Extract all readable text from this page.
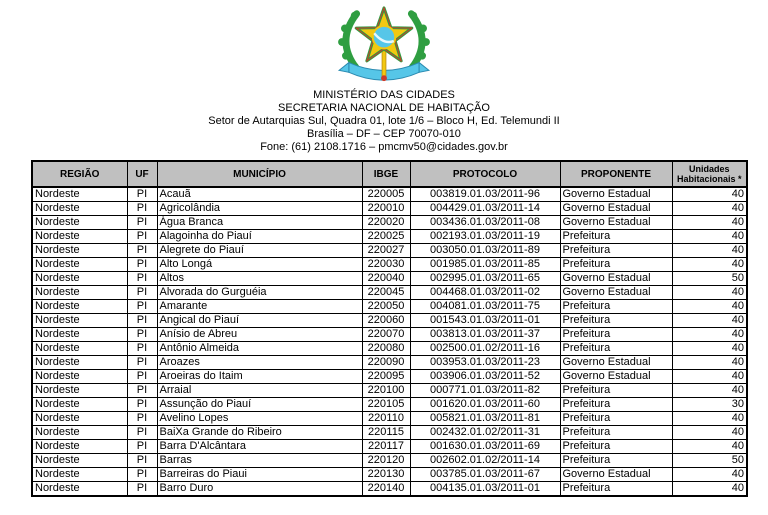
MINISTÉRIO DAS CIDADES
SECRETARIA NACIONAL DE HABITAÇÃO
Setor de Autarquias Sul, Quadra 01, lote 1/6 – Bloco H, Ed. Telemundi II
Brasília – DF – CEP 70070-010
Fone: (61) 2108.1716 – pmcmv50@cidades.gov.br
REGIÃO	UF	MUNICÍPIO	IBGE	PROTOCOLO	PROPONENTE	Unidades Habitacionais *
Nordeste	PI	Acauã	220005	003819.01.03/2011-96	Governo Estadual	40
Nordeste	PI	Agricolândia	220010	004429.01.03/2011-14	Governo Estadual	40
Nordeste	PI	Água Branca	220020	003436.01.03/2011-08	Governo Estadual	40
Nordeste	PI	Alagoinha do Piauí	220025	002193.01.03/2011-19	Prefeitura	40
Nordeste	PI	Alegrete do Piauí	220027	003050.01.03/2011-89	Prefeitura	40
Nordeste	PI	Alto Longá	220030	001985.01.03/2011-85	Prefeitura	40
Nordeste	PI	Altos	220040	002995.01.03/2011-65	Governo Estadual	50
Nordeste	PI	Alvorada do Gurguéia	220045	004468.01.03/2011-02	Governo Estadual	40
Nordeste	PI	Amarante	220050	004081.01.03/2011-75	Prefeitura	40
Nordeste	PI	Angical do Piauí	220060	001543.01.03/2011-01	Prefeitura	40
Nordeste	PI	Anísio de Abreu	220070	003813.01.03/2011-37	Prefeitura	40
Nordeste	PI	Antônio Almeida	220080	002500.01.02/2011-16	Prefeitura	40
Nordeste	PI	Aroazes	220090	003953.01.03/2011-23	Governo Estadual	40
Nordeste	PI	Aroeiras do Itaim	220095	003906.01.03/2011-52	Governo Estadual	40
Nordeste	PI	Arraial	220100	000771.01.03/2011-82	Prefeitura	40
Nordeste	PI	Assunção do Piauí	220105	001620.01.03/2011-60	Prefeitura	30
Nordeste	PI	Avelino Lopes	220110	005821.01.03/2011-81	Prefeitura	40
Nordeste	PI	BaiXa Grande do Ribeiro	220115	002432.01.02/2011-31	Prefeitura	40
Nordeste	PI	Barra D'Alcântara	220117	001630.01.03/2011-69	Prefeitura	40
Nordeste	PI	Barras	220120	002602.01.02/2011-14	Prefeitura	50
Nordeste	PI	Barreiras do Piaui	220130	003785.01.03/2011-67	Governo Estadual	40
Nordeste	PI	Barro Duro	220140	004135.01.03/2011-01	Prefeitura	40
